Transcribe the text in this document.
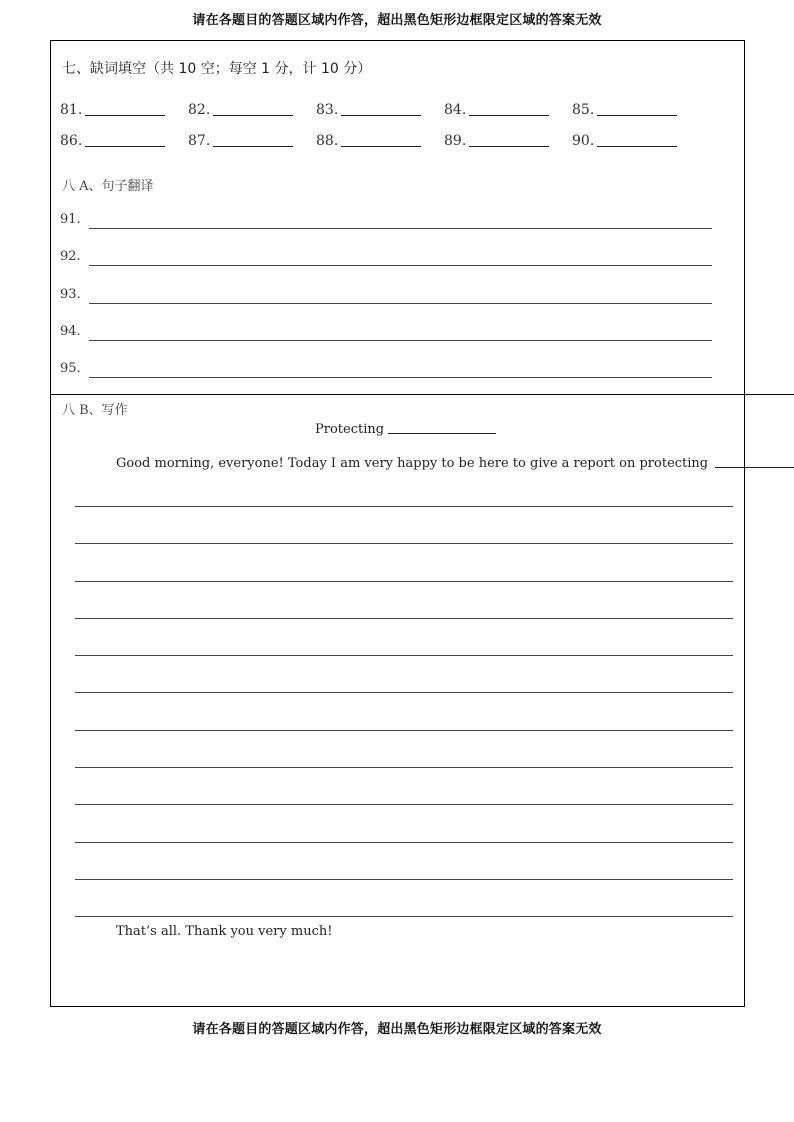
请在各题目的答题区域内作答，超出黑色矩形边框限定区域的答案无效
七、缺词填空（共 10 空；每空 1 分，计 10 分）
81.	82.	83.	84.	85.
86.	87.	88.	89.	90.
八 A、句子翻译
91.
92.
93.
94.
95.
八 B、写作
Protecting
Good morning, everyone! Today I am very happy to be here to give a report on protecting
That’s all. Thank you very much!
请在各题目的答题区域内作答，超出黑色矩形边框限定区域的答案无效
